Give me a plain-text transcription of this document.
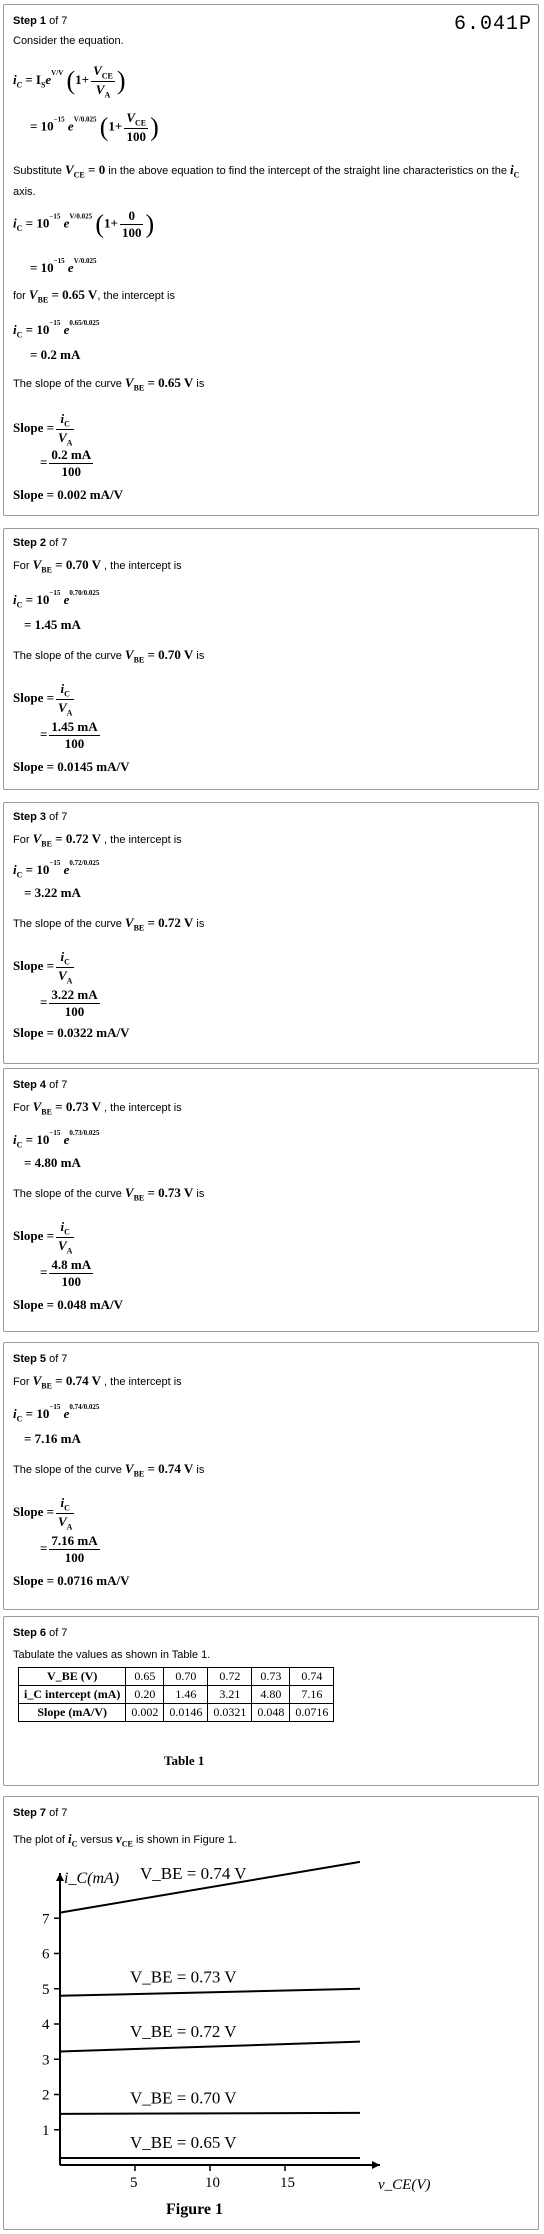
Step 1 of 7	6.041P
Consider the equation.
$i_C = I_Se^{V/V}$ ($1+ \frac{V_{CE}}{V_A}$ )
= $10^{-15}$ $e^{V/0.025}$ ($1+ \frac{V_{CE}}{100}$ )
Substitute $V_{CE} = 0$ in the above equation to find the intercept of the straight line characteristics on the $i_C$ axis.
$i_C = 10^{-15}$ $e^{V/0.025}$ ($1+ \frac{0}{100}$ )
= $10^{-15}$ $e^{V/0.025}$
for $V_{BE} = 0.65$ V, the intercept is
$i_C = 10^{-15}$ $e^{0.65/0.025}$
= 0.2 mA
The slope of the curve $V_{BE} = 0.65$ V is
Slope = $\frac{i_C}{V_A}$
= $\frac{0.2 mA}{100}$
Slope = 0.002 mA/V
Step 2 of 7
For $V_{BE} = 0.70$ V , the intercept is
$i_C = 10^{-15}$ $e^{0.70/0.025}$
= 1.45 mA
The slope of the curve $V_{BE} = 0.70$ V is
Slope = $\frac{i_C}{V_A}$
= $\frac{1.45 mA}{100}$
Slope = 0.0145 mA/V
Step 3 of 7
For $V_{BE} = 0.72$ V , the intercept is
$i_C = 10^{-15}$ $e^{0.72/0.025}$
= 3.22 mA
The slope of the curve $V_{BE} = 0.72$ V is
Slope = $\frac{i_C}{V_A}$
= $\frac{3.22 mA}{100}$
Slope = 0.0322 mA/V
Step 4 of 7
For $V_{BE} = 0.73$ V , the intercept is
$i_C = 10^{-15}$ $e^{0.73/0.025}$
= 4.80 mA
The slope of the curve $V_{BE} = 0.73$ V is
Slope = $\frac{i_C}{V_A}$
= $\frac{4.8 mA}{100}$
Slope = 0.048 mA/V
Step 5 of 7
For $V_{BE} = 0.74$ V , the intercept is
$i_C = 10^{-15}$ $e^{0.74/0.025}$
= 7.16 mA
The slope of the curve $V_{BE} = 0.74$ V is
Slope = $\frac{i_C}{V_A}$
= $\frac{7.16 mA}{100}$
Slope = 0.0716 mA/V
Step 6 of 7
Tabulate the values as shown in Table 1.
V_BE (V)	0.65	0.70	0.72	0.73	0.74
i_C intercept (mA)	0.20	1.46	3.21	4.80	7.16
Slope (mA/V)	0.002	0.0146	0.0321	0.048	0.0716
Table 1
Step 7 of 7
The plot of $i_C$ versus $v_{CE}$ is shown in Figure 1.
1
2
3
4
5
6
7
5	10	15
i_C(mA)
v_CE(V)
V_BE = 0.74 V
V_BE = 0.73 V
V_BE = 0.72 V
V_BE = 0.70 V
V_BE = 0.65 V
Figure 1
